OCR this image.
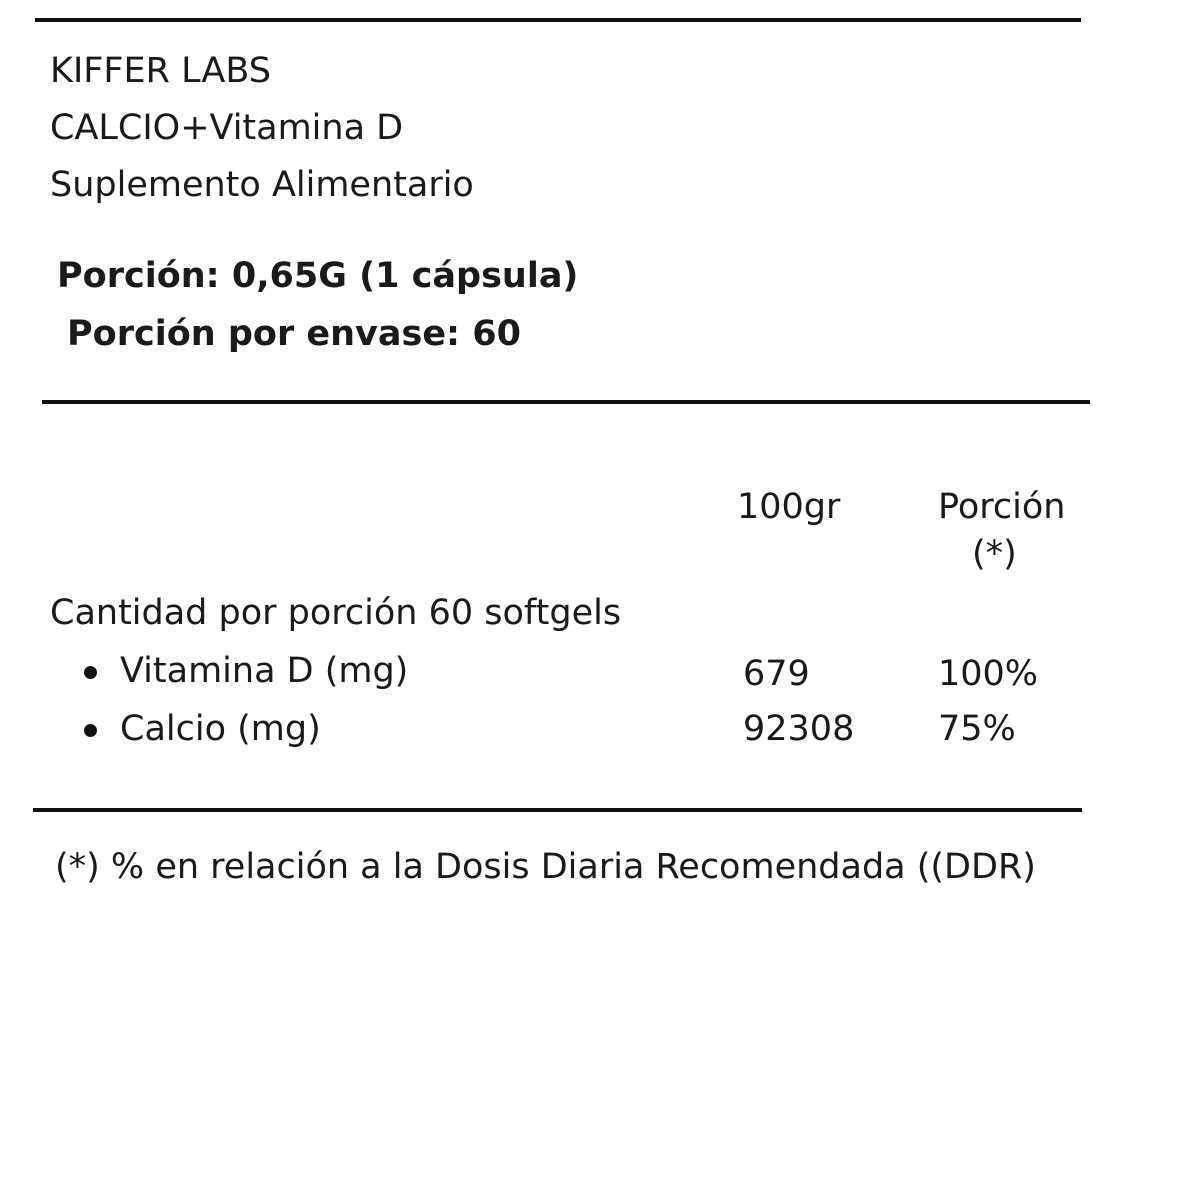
KIFFER LABS
CALCIO+Vitamina D
Suplemento Alimentario
Porción: 0,65G (1 cápsula)
Porción por envase: 60
100gr	Porción
(*)
Cantidad por porción 60 softgels
Vitamina D (mg)	679	100%
Calcio (mg)	92308 75%
(*) % en relación a la Dosis Diaria Recomendada ((DDR)
